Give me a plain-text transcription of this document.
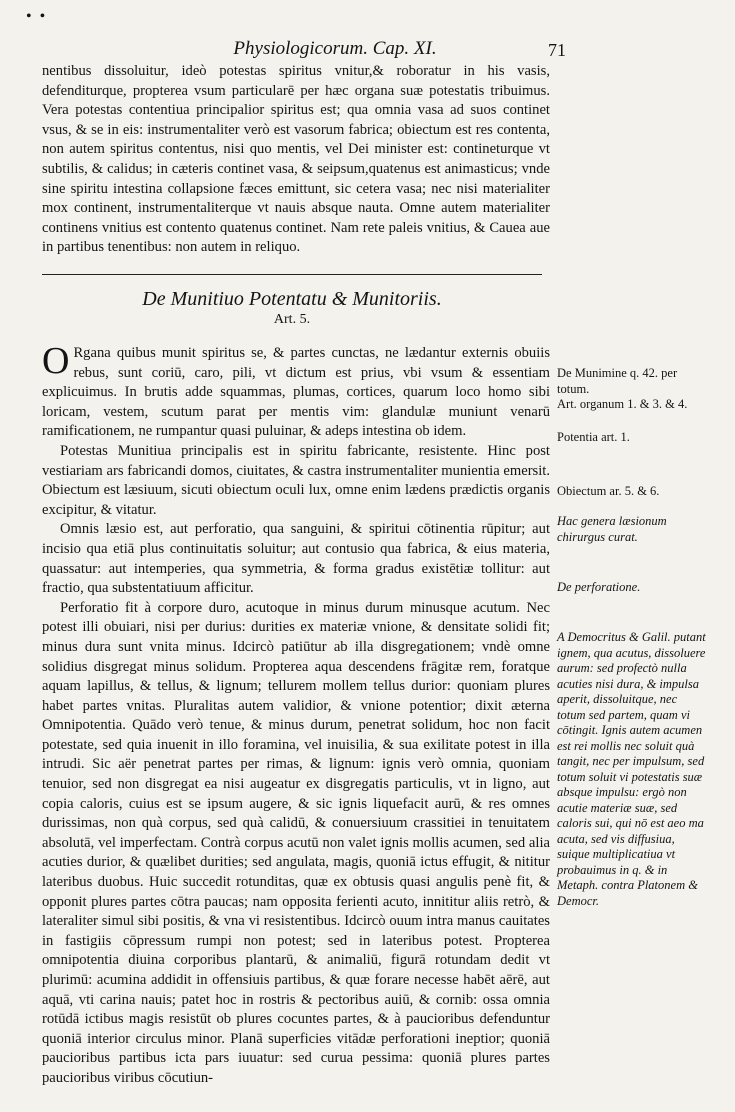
• •
Physiologicorum. Cap. XI.	71

nentibus dissoluitur, ideò potestas spiritus vnitur,& roboratur in his vasis, defenditurque, propterea vsum particularē per hæc organa suæ potestatis tribuimus. Vera potestas contentiua principalior spiritus est; qua omnia vasa ad suos continet vsus, & se in eis: instrumentaliter verò est vasorum fabrica; obiectum est res contenta, non autem spiritus contentus, nisi quo mentis, vel Dei minister est: contineturque vt subtilis, & calidus; in cæteris continet vasa, & seipsum,quatenus est animasticus; vnde sine spiritu intestina collapsione fæces emittunt, sic cetera vasa; nec nisi materialiter mox continent, instrumentaliterque vt nauis absque nauta. Omne autem materialiter continens vnitius est contento quatenus continet. Nam rete paleis vnitius, & Cauea aue in partibus tenentibus: non autem in reliquo.

De Munitiuo Potentatu & Munitoriis.
Art. 5.

O Rgana quibus munit spiritus se, & partes cunctas, ne lædantur externis obuiis rebus, sunt coriū, caro, pili, vt dictum est prius, vbi vsum & essentiam explicuimus. In brutis adde squammas, plumas, cortices, quarum loco homo sibi loricam, vestem, scutum parat per mentis vim: glandulæ muniunt venarū ramificationem, ne rumpantur quasi puluinar, & adeps intestina ob idem.

Potestas Munitiua principalis est in spiritu fabricante, resistente. Hinc post vestiariam ars fabricandi domos, ciuitates, & castra instrumentaliter munientia emersit. Obiectum est læsiuum, sicuti obiectum oculi lux, omne enim lædens prædictis organis excipitur, & vitatur.

Omnis læsio est, aut perforatio, qua sanguini, & spiritui cōtinentia rūpitur; aut incisio qua etiā plus continuitatis soluitur; aut contusio qua fabrica, & eius materia, quassatur: aut intemperies, qua symmetria, & forma gradus existētiæ tollitur: aut fractio, qua substentatiuum afficitur.

Perforatio fit à corpore duro, acutoque in minus durum minusque acutum. Nec potest illi obuiari, nisi per durius: durities ex materiæ vnione, & densitate solidi fit; minus dura sunt vnita minus. Idcircò patiūtur ab illa disgregationem; vndè omne solidius disgregat minus solidum. Propterea aqua descendens frāgitæ rem, foratque aquam lapillus, & tellus, & lignum; tellurem mollem tellus durior: quoniam plures habet partes vnitas. Pluralitas autem validior, & vnione potentior; dixit æterna Omnipotentia. Quādo verò tenue, & minus durum, penetrat solidum, hoc non facit potestate, sed quia inuenit in illo foramina, vel inuisilia, & sua exilitate potest in illa intrudi. Sic aër penetrat partes per rimas, & lignum: ignis verò omnia, quoniam tenuior, sed non disgregat ea nisi augeatur ex disgregatis particulis, vt in ligno, aut copia caloris, cuius est se ipsum augere, & sic ignis liquefacit aurū, & res omnes durissimas, non quà corpus, sed quà calidū, & conuersiuum crassitiei in tenuitatem absolutā, vel imperfectam. Contrà corpus acutū non valet ignis mollis acumen, sed alia acuties durior, & quælibet durities; sed angulata, magis, quoniā ictus effugit, & nititur lateribus duobus. Huic succedit rotunditas, quæ ex obtusis quasi angulis penè fit, & opponit plures partes cōtra paucas; nam opposita ferienti acuto, innititur aliis retrò, & lateraliter simul sibi positis, & vna vi resistentibus. Idcircò ouum intra manus cauitates in fastigiis cōpressum rumpi non potest; sed in lateribus potest. Propterea omnipotentia diuina corporibus plantarū, & animaliū, figurā rotundam dedit vt plurimū: acumina addidit in offensiuis partibus, & quæ forare necesse habēt aērē, aut aquā, vti carina nauis; patet hoc in rostris & pectoribus auiū, & cornib: ossa omnia rotūdā ictibus magis resistūt ob plures cocuntes partes, & à paucioribus defenduntur quoniā interior circulus minor. Planā superficies vitādæ perforationi ineptior; quoniā paucioribus partibus icta pars iuuatur: sed curua pessima: quoniā plures partes paucioribus viribus cōcutiun-

De Munimine q. 42. per totum.
Art. organum 1. & 3. & 4.
Potentia art. 1.
Obiectum ar. 5. & 6.
Hac genera læsionum chirurgus curat.
De perforatione.
A Democritus & Galil. putant ignem, qua acutus, dissoluere aurum: sed profectò nulla acuties nisi dura, & impulsa aperit, dissoluitque, nec totum sed partem, quam vi cōtingit. Ignis autem acumen est rei mollis nec soluit quà tangit, nec per impulsum, sed totum soluit vi potestatis suæ absque impulsu: ergò non acutie materiæ suæ, sed caloris sui, qui nō est aeo ma acuta, sed vis diffusiua, suique multiplicatiua vt probauimus in q. & in Metaph. contra Platonem & Democr.
